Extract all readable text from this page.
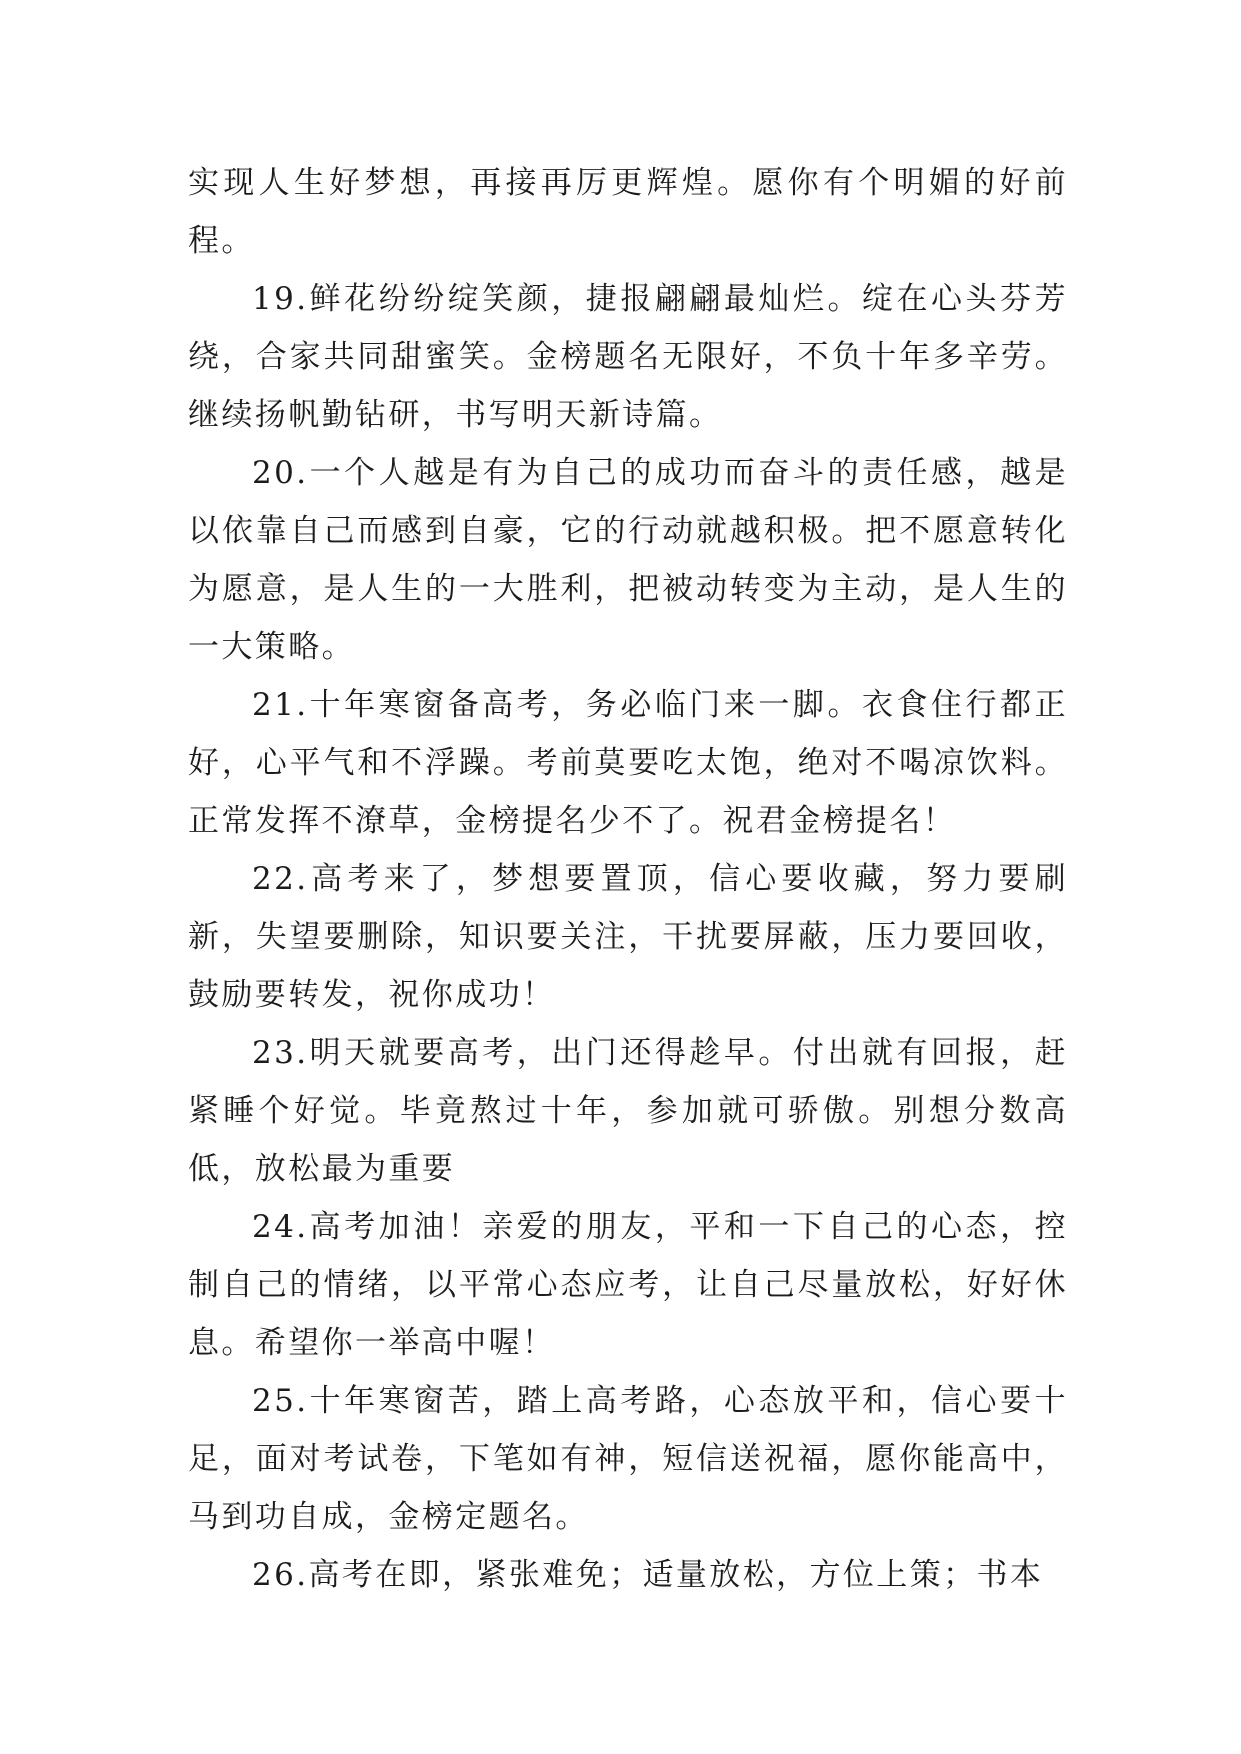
实现人生好梦想，再接再厉更辉煌。愿你有个明媚的好前程。

19.鲜花纷纷绽笑颜，捷报翩翩最灿烂。绽在心头芬芳绕，合家共同甜蜜笑。金榜题名无限好，不负十年多辛劳。继续扬帆勤钻研，书写明天新诗篇。

20.一个人越是有为自己的成功而奋斗的责任感，越是以依靠自己而感到自豪，它的行动就越积极。把不愿意转化为愿意，是人生的一大胜利，把被动转变为主动，是人生的一大策略。

21.十年寒窗备高考，务必临门来一脚。衣食住行都正好，心平气和不浮躁。考前莫要吃太饱，绝对不喝凉饮料。正常发挥不潦草，金榜提名少不了。祝君金榜提名！

22.高考来了，梦想要置顶，信心要收藏，努力要刷新，失望要删除，知识要关注，干扰要屏蔽，压力要回收，鼓励要转发，祝你成功！

23.明天就要高考，出门还得趁早。付出就有回报，赶紧睡个好觉。毕竟熬过十年，参加就可骄傲。别想分数高低，放松最为重要

24.高考加油！亲爱的朋友，平和一下自己的心态，控制自己的情绪，以平常心态应考，让自己尽量放松，好好休息。希望你一举高中喔！

25.十年寒窗苦，踏上高考路，心态放平和，信心要十足，面对考试卷，下笔如有神，短信送祝福，愿你能高中，马到功自成，金榜定题名。

26.高考在即，紧张难免；适量放松，方位上策；书本
